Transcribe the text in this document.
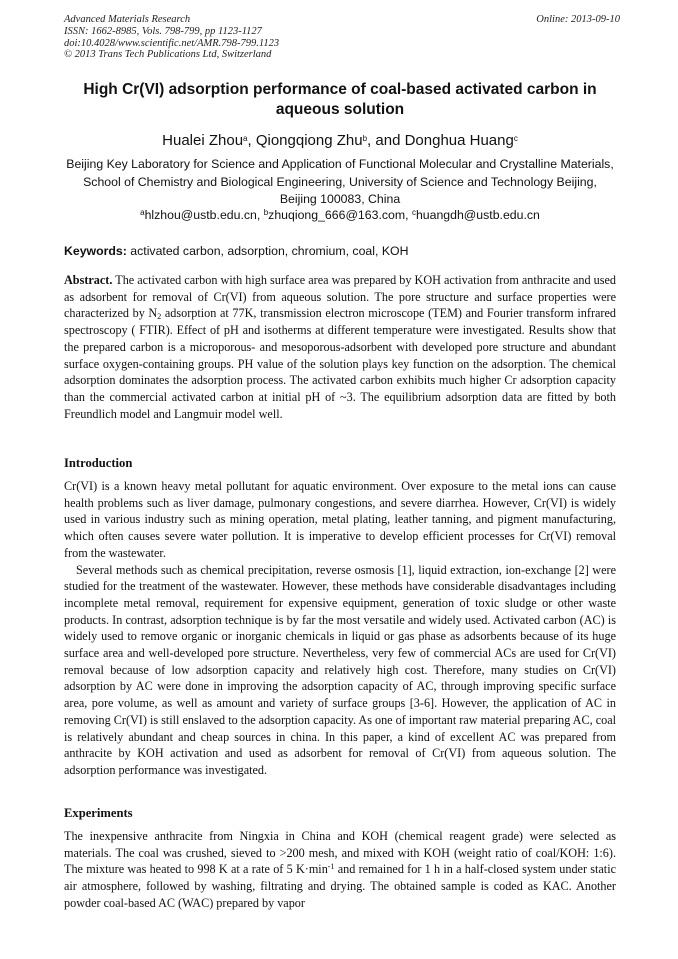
Advanced Materials Research
ISSN: 1662-8985, Vols. 798-799, pp 1123-1127
doi:10.4028/www.scientific.net/AMR.798-799.1123
© 2013 Trans Tech Publications Ltd, Switzerland
Online: 2013-09-10
High Cr(VI) adsorption performance of coal-based activated carbon in aqueous solution
Hualei Zhou$^a$, Qiongqiong Zhu$^b$, and Donghua Huang$^c$
Beijing Key Laboratory for Science and Application of Functional Molecular and Crystalline Materials, School of Chemistry and Biological Engineering, University of Science and Technology Beijing, Beijing 100083, China
$^a$hlzhou@ustb.edu.cn, $^b$zhuqiong_666@163.com, $^c$huangdh@ustb.edu.cn
Keywords: activated carbon, adsorption, chromium, coal, KOH
Abstract. The activated carbon with high surface area was prepared by KOH activation from anthracite and used as adsorbent for removal of Cr(VI) from aqueous solution. The pore structure and surface properties were characterized by $N_2$ adsorption at 77K, transmission electron microscope (TEM) and Fourier transform infrared spectroscopy ( FTIR). Effect of pH and isotherms at different temperature were investigated. Results show that the prepared carbon is a microporous- and mesoporous-adsorbent with developed pore structure and abundant surface oxygen-containing groups. PH value of the solution plays key function on the adsorption. The chemical adsorption dominates the adsorption process. The activated carbon exhibits much higher Cr adsorption capacity than the commercial activated carbon at initial pH of ~3. The equilibrium adsorption data are fitted by both Freundlich model and Langmuir model well.
Introduction

Cr(VI) is a known heavy metal pollutant for aquatic environment. Over exposure to the metal ions can cause health problems such as liver damage, pulmonary congestions, and severe diarrhea. However, Cr(VI) is widely used in various industry such as mining operation, metal plating, leather tanning, and pigment manufacturing, which often causes severe water pollution. It is imperative to develop efficient processes for Cr(VI) removal from the wastewater.

Several methods such as chemical precipitation, reverse osmosis [1], liquid extraction, ion-exchange [2] were studied for the treatment of the wastewater. However, these methods have considerable disadvantages including incomplete metal removal, requirement for expensive equipment, generation of toxic sludge or other waste products. In contrast, adsorption technique is by far the most versatile and widely used. Activated carbon (AC) is widely used to remove organic or inorganic chemicals in liquid or gas phase as adsorbents because of its huge surface area and well-developed pore structure. Nevertheless, very few of commercial ACs are used for Cr(VI) removal because of low adsorption capacity and relatively high cost. Therefore, many studies on Cr(VI) adsorption by AC were done in improving the adsorption capacity of AC, through improving specific surface area, pore volume, as well as amount and variety of surface groups [3-6]. However, the application of AC in removing Cr(VI) is still enslaved to the adsorption capacity. As one of important raw material preparing AC, coal is relatively abundant and cheap sources in china. In this paper, a kind of excellent AC was prepared from anthracite by KOH activation and used as adsorbent for removal of Cr(VI) from aqueous solution. The adsorption performance was investigated.

Experiments
The inexpensive anthracite from Ningxia in China and KOH (chemical reagent grade) were selected as materials. The coal was crushed, sieved to >200 mesh, and mixed with KOH (weight ratio of coal/KOH: 1:6). The mixture was heated to 998 K at a rate of 5 $K\cdot\min^{-1}$ and remained for 1 h in a half-closed system under static air atmosphere, followed by washing, filtrating and drying. The obtained sample is coded as KAC. Another powder coal-based AC (WAC) prepared by vapor
